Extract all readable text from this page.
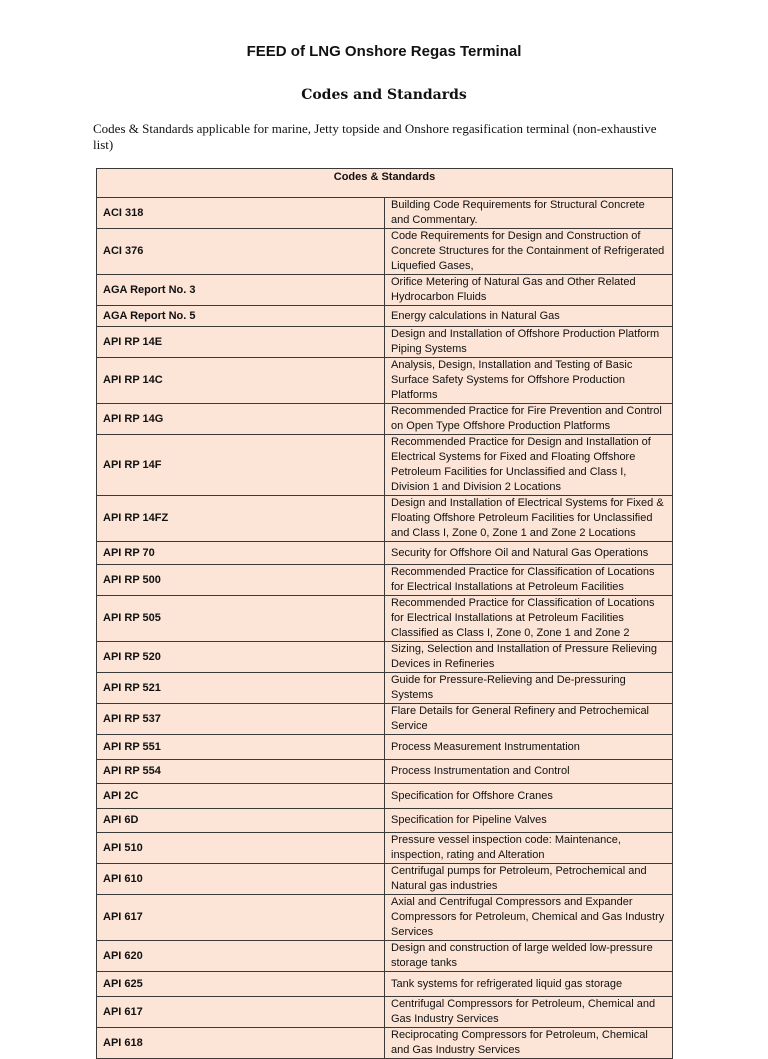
FEED of LNG Onshore Regas Terminal
Codes and Standards
Codes & Standards applicable for marine, Jetty topside and Onshore regasification terminal (non-exhaustive list)
Codes & Standards	
ACI 318	Building Code Requirements for Structural Concrete and Commentary.
ACI 376	Code Requirements for Design and Construction of Concrete Structures for the Containment of Refrigerated Liquefied Gases,
AGA Report No. 3	Orifice Metering of Natural Gas and Other Related Hydrocarbon Fluids
AGA Report No. 5	Energy calculations in Natural Gas
API RP 14E	Design and Installation of Offshore Production Platform Piping Systems
API RP 14C	Analysis, Design, Installation and Testing of Basic Surface Safety Systems for Offshore Production Platforms
API RP 14G	Recommended Practice for Fire Prevention and Control on Open Type Offshore Production Platforms
API RP 14F	Recommended Practice for Design and Installation of Electrical Systems for Fixed and Floating Offshore Petroleum Facilities for Unclassified and Class I, Division 1 and Division 2 Locations
API RP 14FZ	Design and Installation of Electrical Systems for Fixed & Floating Offshore Petroleum Facilities for Unclassified and Class I, Zone 0, Zone 1 and Zone 2 Locations
API RP 70	Security for Offshore Oil and Natural Gas Operations
API RP 500	Recommended Practice for Classification of Locations for Electrical Installations at Petroleum Facilities
API RP 505	Recommended Practice for Classification of Locations for Electrical Installations at Petroleum Facilities Classified as Class I, Zone 0, Zone 1 and Zone 2
API RP 520	Sizing, Selection and Installation of Pressure Relieving Devices in Refineries
API RP 521	Guide for Pressure-Relieving and De-pressuring Systems
API RP 537	Flare Details for General Refinery and Petrochemical Service
API RP 551	Process Measurement Instrumentation
API RP 554	Process Instrumentation and Control
API 2C	Specification for Offshore Cranes
API 6D	Specification for Pipeline Valves
API 510	Pressure vessel inspection code: Maintenance, inspection, rating and Alteration
API 610	Centrifugal pumps for Petroleum, Petrochemical and Natural gas industries
API 617	Axial and Centrifugal Compressors and Expander Compressors for Petroleum, Chemical and Gas Industry Services
API 620	Design and construction of large welded low-pressure storage tanks
API 625	Tank systems for refrigerated liquid gas storage
API 617	Centrifugal Compressors for Petroleum, Chemical and Gas Industry Services
API 618	Reciprocating Compressors for Petroleum, Chemical and Gas Industry Services
